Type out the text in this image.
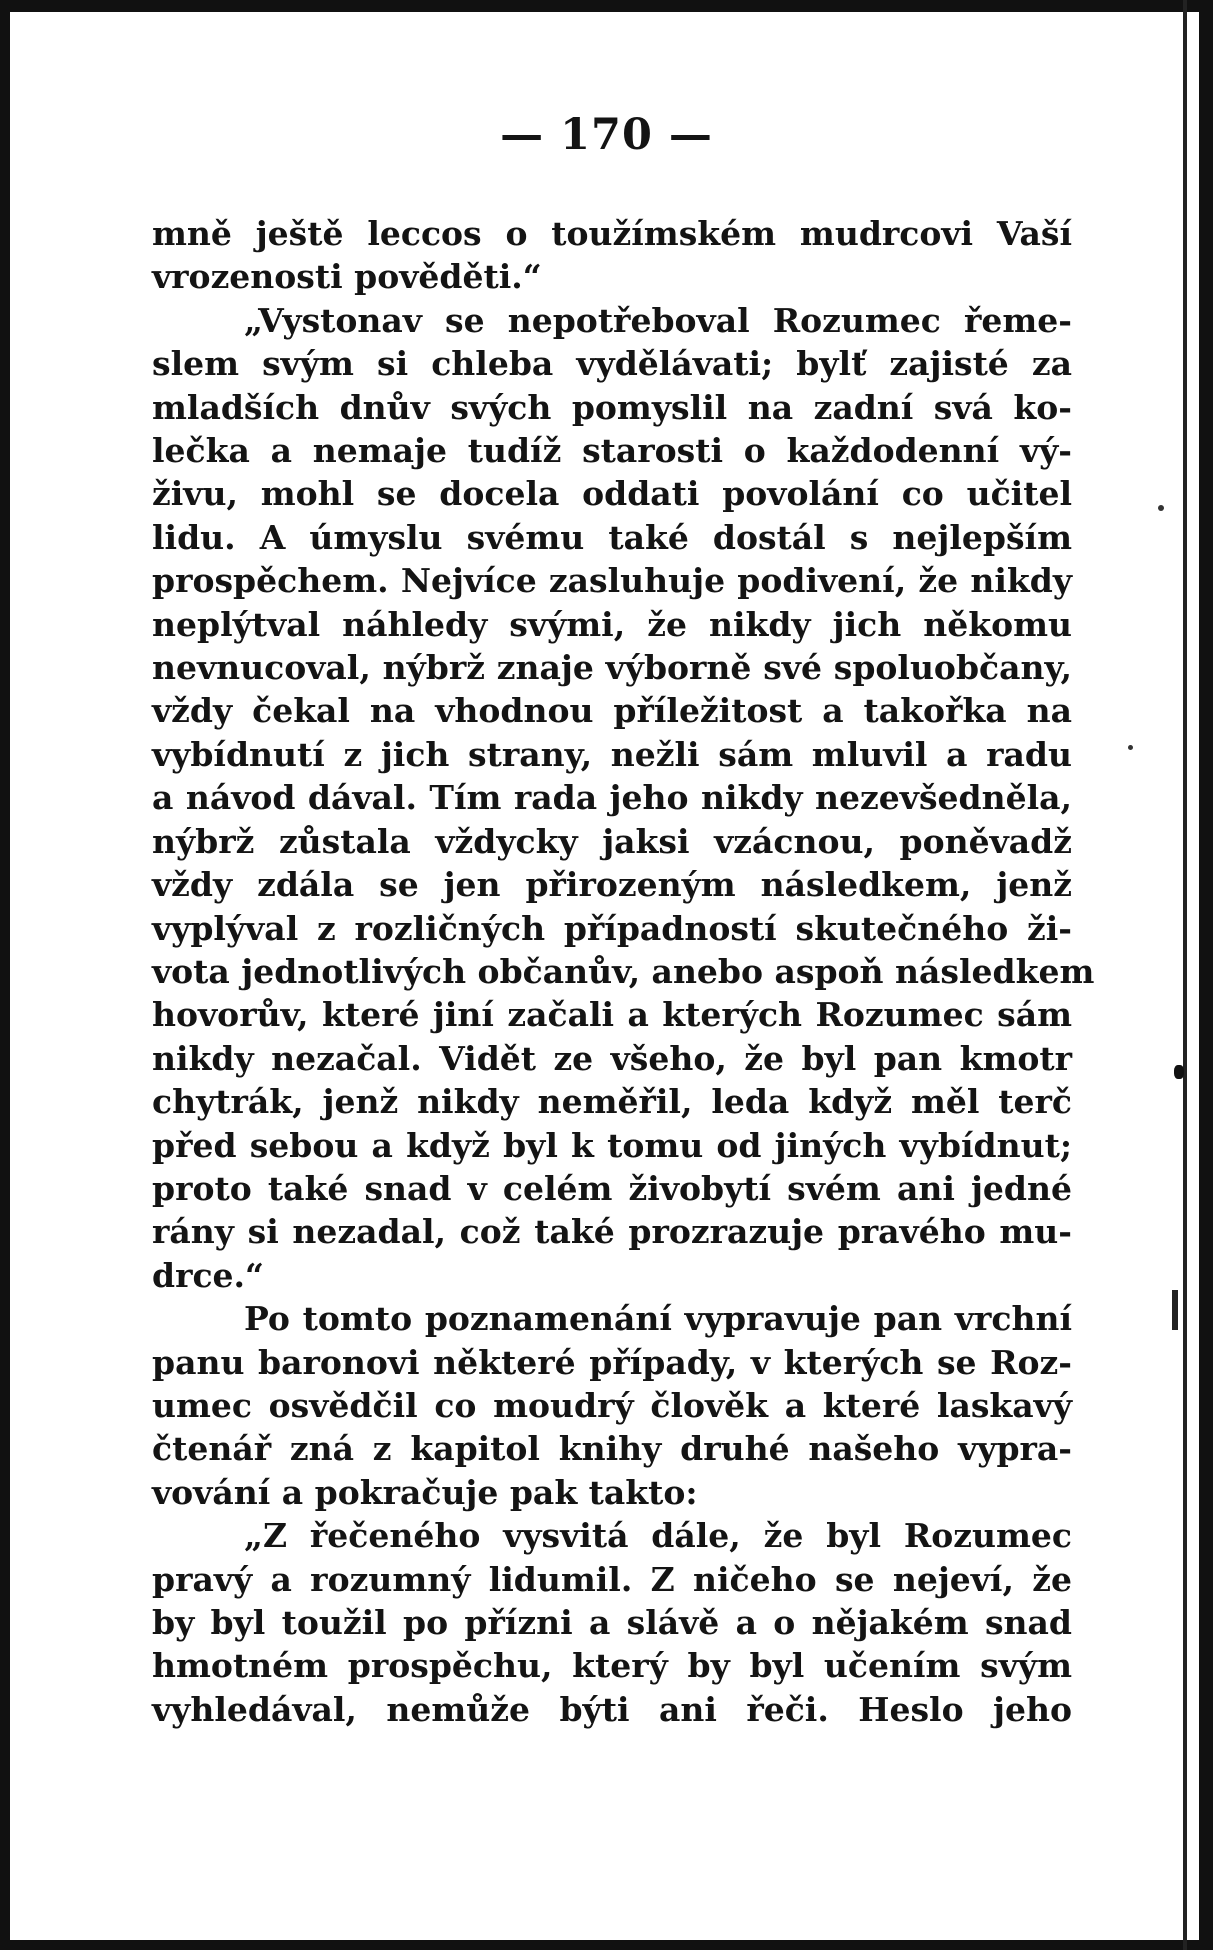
— 170 —
mně ještě leccos o toužímském mudrcovi Vaší
vrozenosti pověděti.“
„Vystonav se nepotřeboval Rozumec řeme-
slem svým si chleba vydělávati; bylť zajisté za
mladších dnův svých pomyslil na zadní svá ko-
lečka a nemaje tudíž starosti o každodenní vý-
živu, mohl se docela oddati povolání co učitel
lidu. A úmyslu svému také dostál s nejlepším
prospěchem. Nejvíce zasluhuje podivení, že nikdy
neplýtval náhledy svými, že nikdy jich někomu
nevnucoval, nýbrž znaje výborně své spoluobčany,
vždy čekal na vhodnou příležitost a takořka na
vybídnutí z jich strany, nežli sám mluvil a radu
a návod dával. Tím rada jeho nikdy nezevšedněla,
nýbrž zůstala vždycky jaksi vzácnou, poněvadž
vždy zdála se jen přirozeným následkem, jenž
vyplýval z rozličných případností skutečného ži-
vota jednotlivých občanův, anebo aspoň následkem
hovorův, které jiní začali a kterých Rozumec sám
nikdy nezačal. Vidět ze všeho, že byl pan kmotr
chytrák, jenž nikdy neměřil, leda když měl terč
před sebou a když byl k tomu od jiných vybídnut;
proto také snad v celém živobytí svém ani jedné
rány si nezadal, což také prozrazuje pravého mu-
drce.“
Po tomto poznamenání vypravuje pan vrchní
panu baronovi některé případy, v kterých se Roz-
umec osvědčil co moudrý člověk a které laskavý
čtenář zná z kapitol knihy druhé našeho vypra-
vování a pokračuje pak takto:
„Z řečeného vysvitá dále, že byl Rozumec
pravý a rozumný lidumil. Z ničeho se nejeví, že
by byl toužil po přízni a slávě a o nějakém snad
hmotném prospěchu, který by byl učením svým
vyhledával, nemůže býti ani řeči. Heslo jeho
